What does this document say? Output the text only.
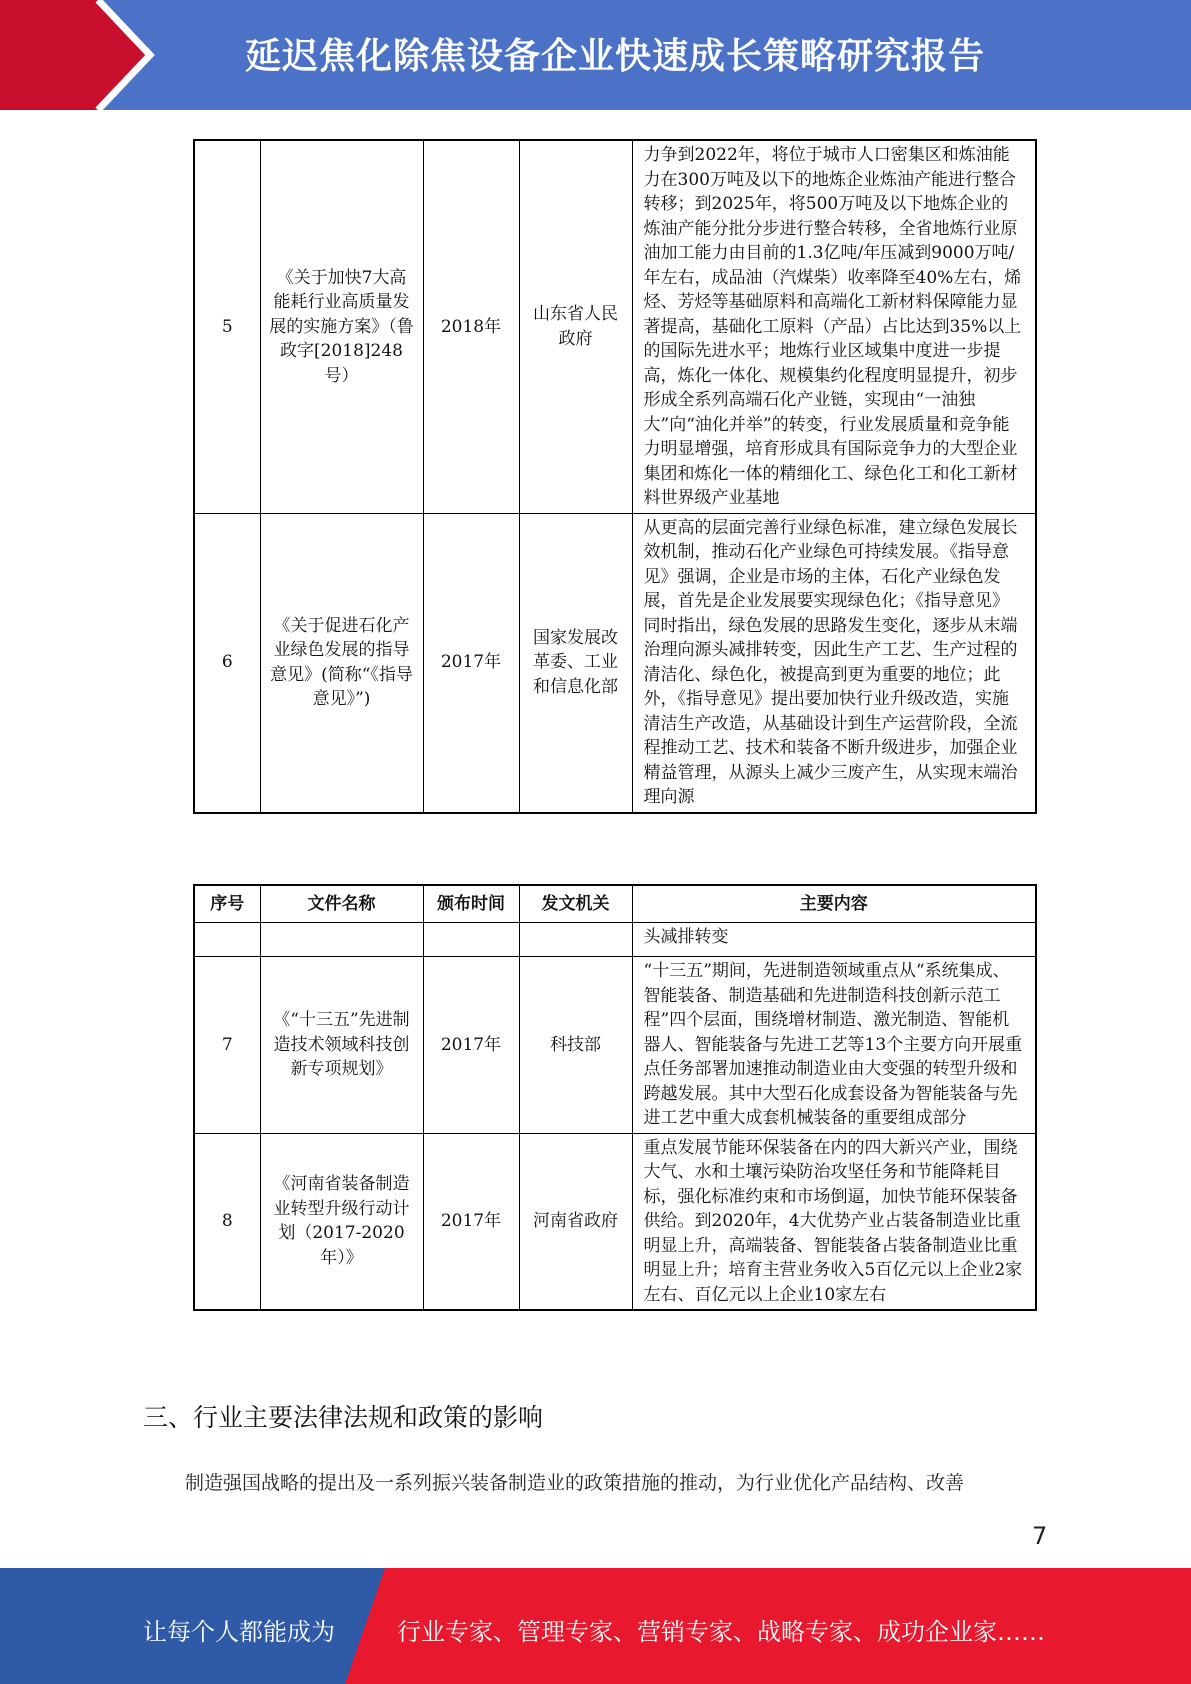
延迟焦化除焦设备企业快速成长策略研究报告
5	《关于加快7大高能耗行业高质量发展的实施方案》（鲁政字[2018]248号）	2018年	山东省人民政府	力争到2022年，将位于城市人口密集区和炼油能力在300万吨及以下的地炼企业炼油产能进行整合转移；到2025年，将500万吨及以下地炼企业的炼油产能分批分步进行整合转移，全省地炼行业原油加工能力由目前的1.3亿吨/年压减到9000万吨/年左右，成品油（汽煤柴）收率降至40%左右，烯烃、芳烃等基础原料和高端化工新材料保障能力显著提高，基础化工原料（产品）占比达到35%以上的国际先进水平；地炼行业区域集中度进一步提高，炼化一体化、规模集约化程度明显提升，初步形成全系列高端石化产业链，实现由“一油独大”向“油化并举”的转变，行业发展质量和竞争能力明显增强，培育形成具有国际竞争力的大型企业集团和炼化一体的精细化工、绿色化工和化工新材料世界级产业基地
6	《关于促进石化产业绿色发展的指导意见》(简称“《指导意见》”)	2017年	国家发展改革委、工业和信息化部	从更高的层面完善行业绿色标准，建立绿色发展长效机制，推动石化产业绿色可持续发展。《指导意见》强调，企业是市场的主体，石化产业绿色发展，首先是企业发展要实现绿色化；《指导意见》同时指出，绿色发展的思路发生变化，逐步从末端治理向源头减排转变，因此生产工艺、生产过程的清洁化、绿色化，被提高到更为重要的地位；此外，《指导意见》提出要加快行业升级改造，实施清洁生产改造，从基础设计到生产运营阶段，全流程推动工艺、技术和装备不断升级进步，加强企业精益管理，从源头上减少三废产生，从实现末端治理向源
序号	文件名称	颁布时间	发文机关	主要内容
				头减排转变
7	《“十三五”先进制造技术领域科技创新专项规划》	2017年	科技部	“十三五”期间，先进制造领域重点从“系统集成、智能装备、制造基础和先进制造科技创新示范工程”四个层面，围绕增材制造、激光制造、智能机器人、智能装备与先进工艺等13个主要方向开展重点任务部署加速推动制造业由大变强的转型升级和跨越发展。其中大型石化成套设备为智能装备与先进工艺中重大成套机械装备的重要组成部分
8	《河南省装备制造业转型升级行动计划（2017-2020年）》	2017年	河南省政府	重点发展节能环保装备在内的四大新兴产业，围绕大气、水和土壤污染防治攻坚任务和节能降耗目标，强化标准约束和市场倒逼，加快节能环保装备供给。到2020年，4大优势产业占装备制造业比重明显上升，高端装备、智能装备占装备制造业比重明显上升；培育主营业务收入5百亿元以上企业2家左右、百亿元以上企业10家左右
三、行业主要法律法规和政策的影响
制造强国战略的提出及一系列振兴装备制造业的政策措施的推动，为行业优化产品结构、改善
7
让每个人都能成为	行业专家、管理专家、营销专家、战略专家、成功企业家……
